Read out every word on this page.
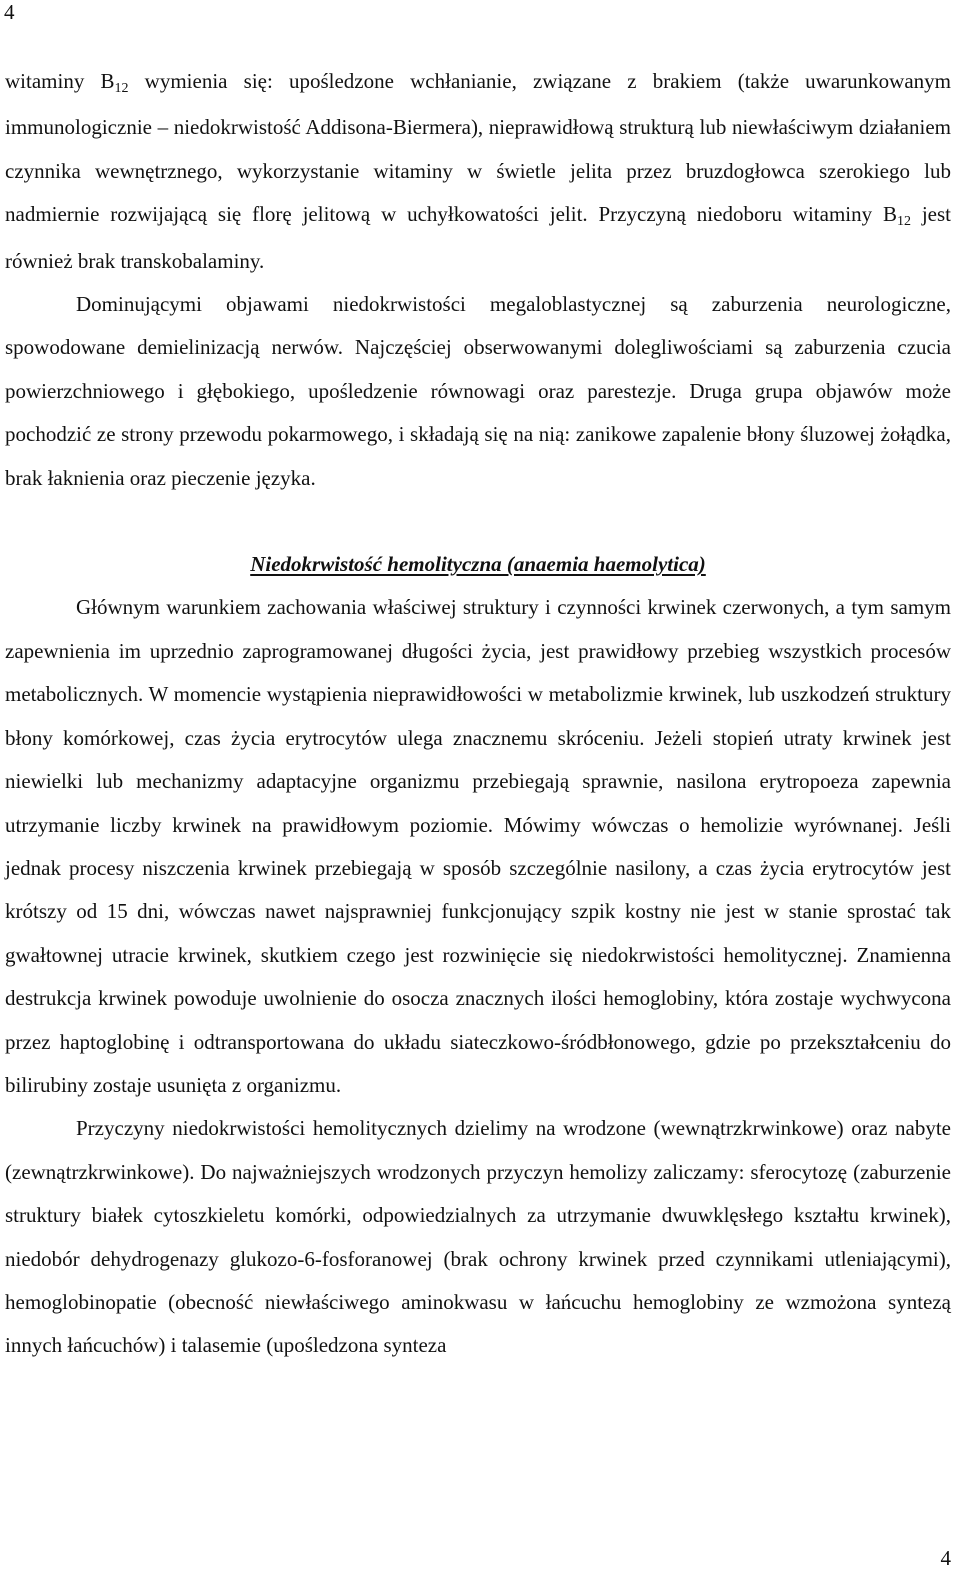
4

witaminy B12 wymienia się: upośledzone wchłanianie, związane z brakiem (także uwarunkowanym immunologicznie – niedokrwistość Addisona-Biermera), nieprawidłową strukturą lub niewłaściwym działaniem czynnika wewnętrznego, wykorzystanie witaminy w świetle jelita przez bruzdogłowca szerokiego lub nadmiernie rozwijającą się florę jelitową w uchyłkowatości jelit. Przyczyną niedoboru witaminy B12 jest również brak transkobalaminy.

Dominującymi objawami niedokrwistości megaloblastycznej są zaburzenia neurologiczne, spowodowane demielinizacją nerwów. Najczęściej obserwowanymi dolegliwościami są zaburzenia czucia powierzchniowego i głębokiego, upośledzenie równowagi oraz parestezje. Druga grupa objawów może pochodzić ze strony przewodu pokarmowego, i składają się na nią: zanikowe zapalenie błony śluzowej żołądka, brak łaknienia oraz pieczenie języka.

Niedokrwistość hemolityczna (anaemia haemolytica)

Głównym warunkiem zachowania właściwej struktury i czynności krwinek czerwonych, a tym samym zapewnienia im uprzednio zaprogramowanej długości życia, jest prawidłowy przebieg wszystkich procesów metabolicznych. W momencie wystąpienia nieprawidłowości w metabolizmie krwinek, lub uszkodzeń struktury błony komórkowej, czas życia erytrocytów ulega znacznemu skróceniu. Jeżeli stopień utraty krwinek jest niewielki lub mechanizmy adaptacyjne organizmu przebiegają sprawnie, nasilona erytropoeza zapewnia utrzymanie liczby krwinek na prawidłowym poziomie. Mówimy wówczas o hemolizie wyrównanej. Jeśli jednak procesy niszczenia krwinek przebiegają w sposób szczególnie nasilony, a czas życia erytrocytów jest krótszy od 15 dni, wówczas nawet najsprawniej funkcjonujący szpik kostny nie jest w stanie sprostać tak gwałtownej utracie krwinek, skutkiem czego jest rozwinięcie się niedokrwistości hemolitycznej. Znamienna destrukcja krwinek powoduje uwolnienie do osocza znacznych ilości hemoglobiny, która zostaje wychwycona przez haptoglobinę i odtransportowana do układu siateczkowo-śródbłonowego, gdzie po przekształceniu do bilirubiny zostaje usunięta z organizmu.

Przyczyny niedokrwistości hemolitycznych dzielimy na wrodzone (wewnątrzkrwinkowe) oraz nabyte (zewnątrzkrwinkowe). Do najważniejszych wrodzonych przyczyn hemolizy zaliczamy: sferocytozę (zaburzenie struktury białek cytoszkieletu komórki, odpowiedzialnych za utrzymanie dwuwklęsłego kształtu krwinek), niedobór dehydrogenazy glukozo-6-fosforanowej (brak ochrony krwinek przed czynnikami utleniającymi), hemoglobinopatie (obecność niewłaściwego aminokwasu w łańcuchu hemoglobiny ze wzmożona syntezą innych łańcuchów) i talasemie (upośledzona synteza

4
